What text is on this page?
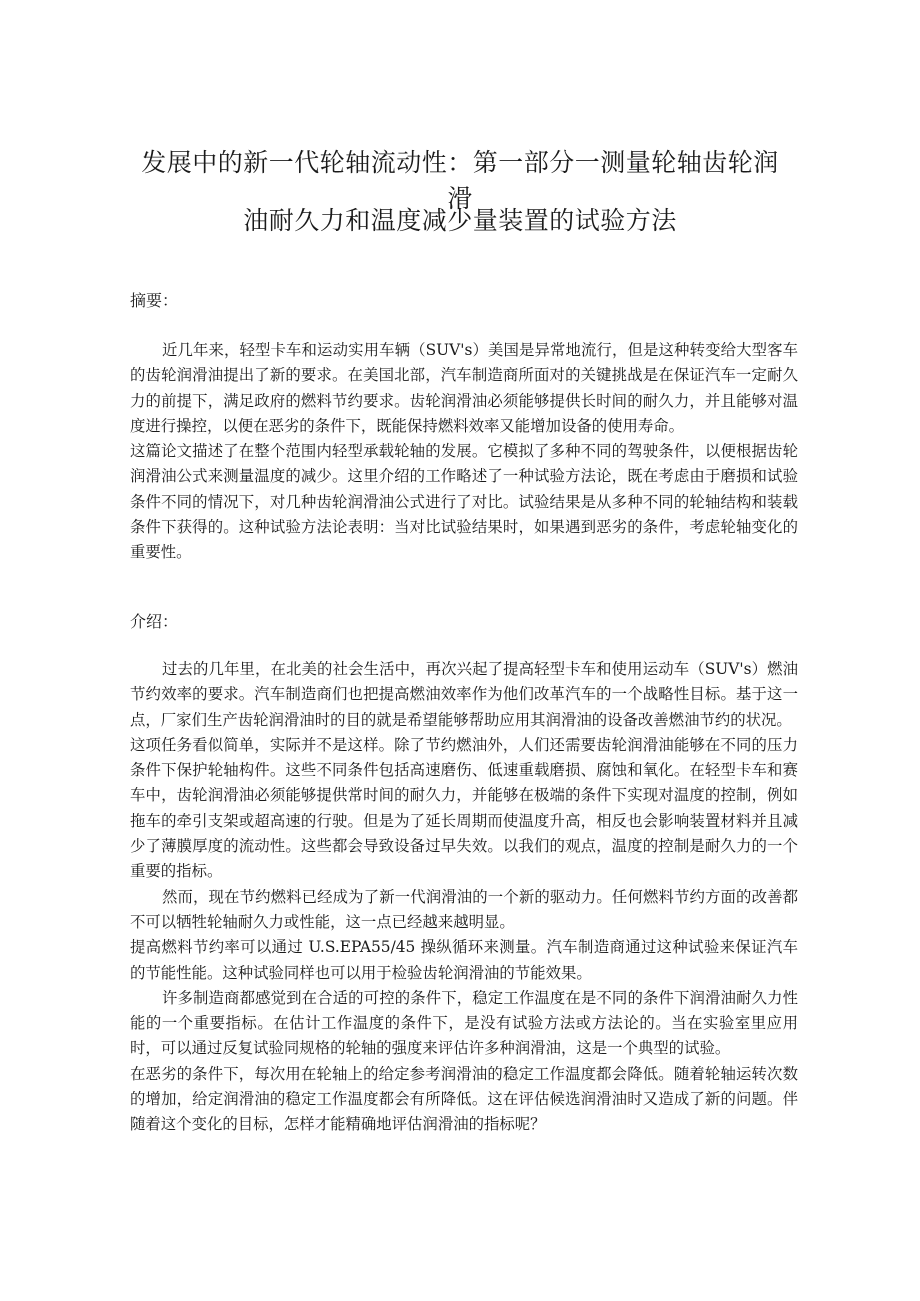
发展中的新一代轮轴流动性：第一部分一测量轮轴齿轮润滑
油耐久力和温度减少量装置的试验方法
摘要：

近几年来，轻型卡车和运动实用车辆（SUV's）美国是异常地流行，但是这种转变给大型客车的齿轮润滑油提出了新的要求。在美国北部，汽车制造商所面对的关键挑战是在保证汽车一定耐久力的前提下，满足政府的燃料节约要求。齿轮润滑油必须能够提供长时间的耐久力，并且能够对温度进行操控，以便在恶劣的条件下，既能保持燃料效率又能增加设备的使用寿命。

这篇论文描述了在整个范围内轻型承载轮轴的发展。它模拟了多种不同的驾驶条件，以便根据齿轮润滑油公式来测量温度的减少。这里介绍的工作略述了一种试验方法论，既在考虑由于磨损和试验条件不同的情况下，对几种齿轮润滑油公式进行了对比。试验结果是从多种不同的轮轴结构和装载条件下获得的。这种试验方法论表明：当对比试验结果时，如果遇到恶劣的条件，考虑轮轴变化的重要性。

介绍：

过去的几年里，在北美的社会生活中，再次兴起了提高轻型卡车和使用运动车（SUV's）燃油节约效率的要求。汽车制造商们也把提高燃油效率作为他们改革汽车的一个战略性目标。基于这一点，厂家们生产齿轮润滑油时的目的就是希望能够帮助应用其润滑油的设备改善燃油节约的状况。

这项任务看似简单，实际并不是这样。除了节约燃油外，人们还需要齿轮润滑油能够在不同的压力条件下保护轮轴构件。这些不同条件包括高速磨伤、低速重载磨损、腐蚀和氧化。在轻型卡车和赛车中，齿轮润滑油必须能够提供常时间的耐久力，并能够在极端的条件下实现对温度的控制，例如拖车的牵引支架或超高速的行驶。但是为了延长周期而使温度升高，相反也会影响装置材料并且减少了薄膜厚度的流动性。这些都会导致设备过早失效。以我们的观点，温度的控制是耐久力的一个重要的指标。

然而，现在节约燃料已经成为了新一代润滑油的一个新的驱动力。任何燃料节约方面的改善都不可以牺牲轮轴耐久力或性能，这一点已经越来越明显。

提高燃料节约率可以通过 U.S.EPA55/45 操纵循环来测量。汽车制造商通过这种试验来保证汽车的节能性能。这种试验同样也可以用于检验齿轮润滑油的节能效果。

许多制造商都感觉到在合适的可控的条件下，稳定工作温度在是不同的条件下润滑油耐久力性能的一个重要指标。在估计工作温度的条件下，是没有试验方法或方法论的。当在实验室里应用时，可以通过反复试验同规格的轮轴的强度来评估许多种润滑油，这是一个典型的试验。

在恶劣的条件下，每次用在轮轴上的给定参考润滑油的稳定工作温度都会降低。随着轮轴运转次数的增加，给定润滑油的稳定工作温度都会有所降低。这在评估候选润滑油时又造成了新的问题。伴随着这个变化的目标，怎样才能精确地评估润滑油的指标呢？
